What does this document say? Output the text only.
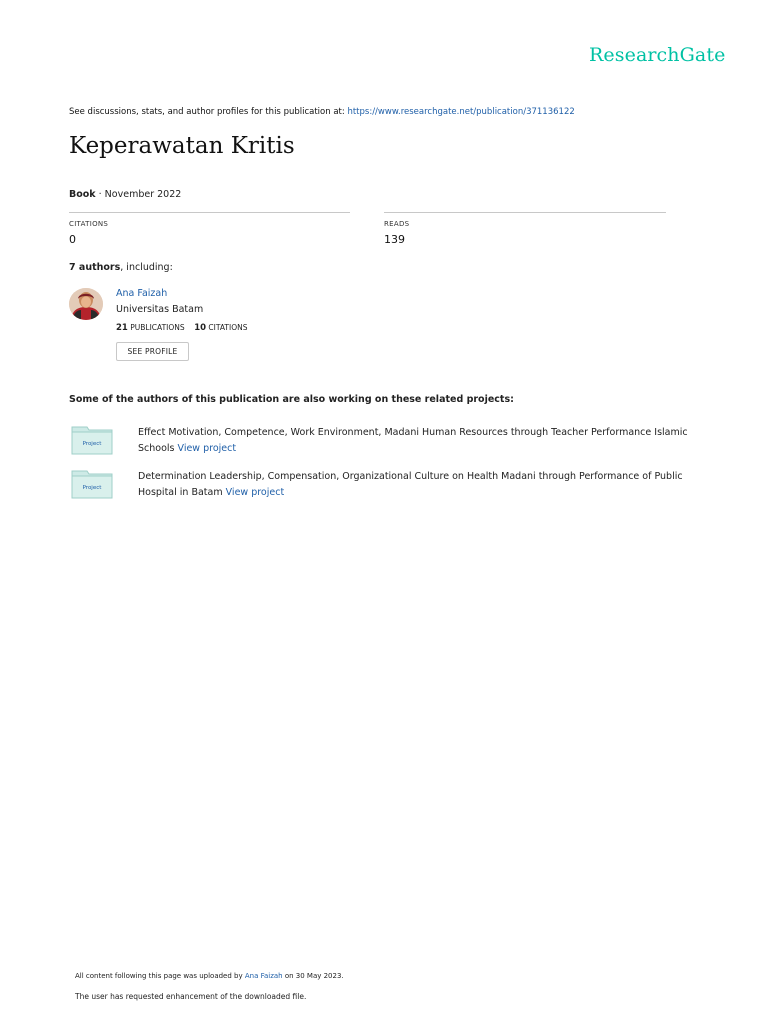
ResearchGate
See discussions, stats, and author profiles for this publication at: https://www.researchgate.net/publication/371136122
Keperawatan Kritis
Book · November 2022
CITATIONS
0
READS
139
7 authors, including:
Ana Faizah
Universitas Batam
21 PUBLICATIONS 10 CITATIONS
SEE PROFILE
Some of the authors of this publication are also working on these related projects:
Project
Effect Motivation, Competence, Work Environment, Madani Human Resources through Teacher Performance Islamic Schools View project
Project
Determination Leadership, Compensation, Organizational Culture on Health Madani through Performance of Public Hospital in Batam View project
All content following this page was uploaded by Ana Faizah on 30 May 2023.
The user has requested enhancement of the downloaded file.
